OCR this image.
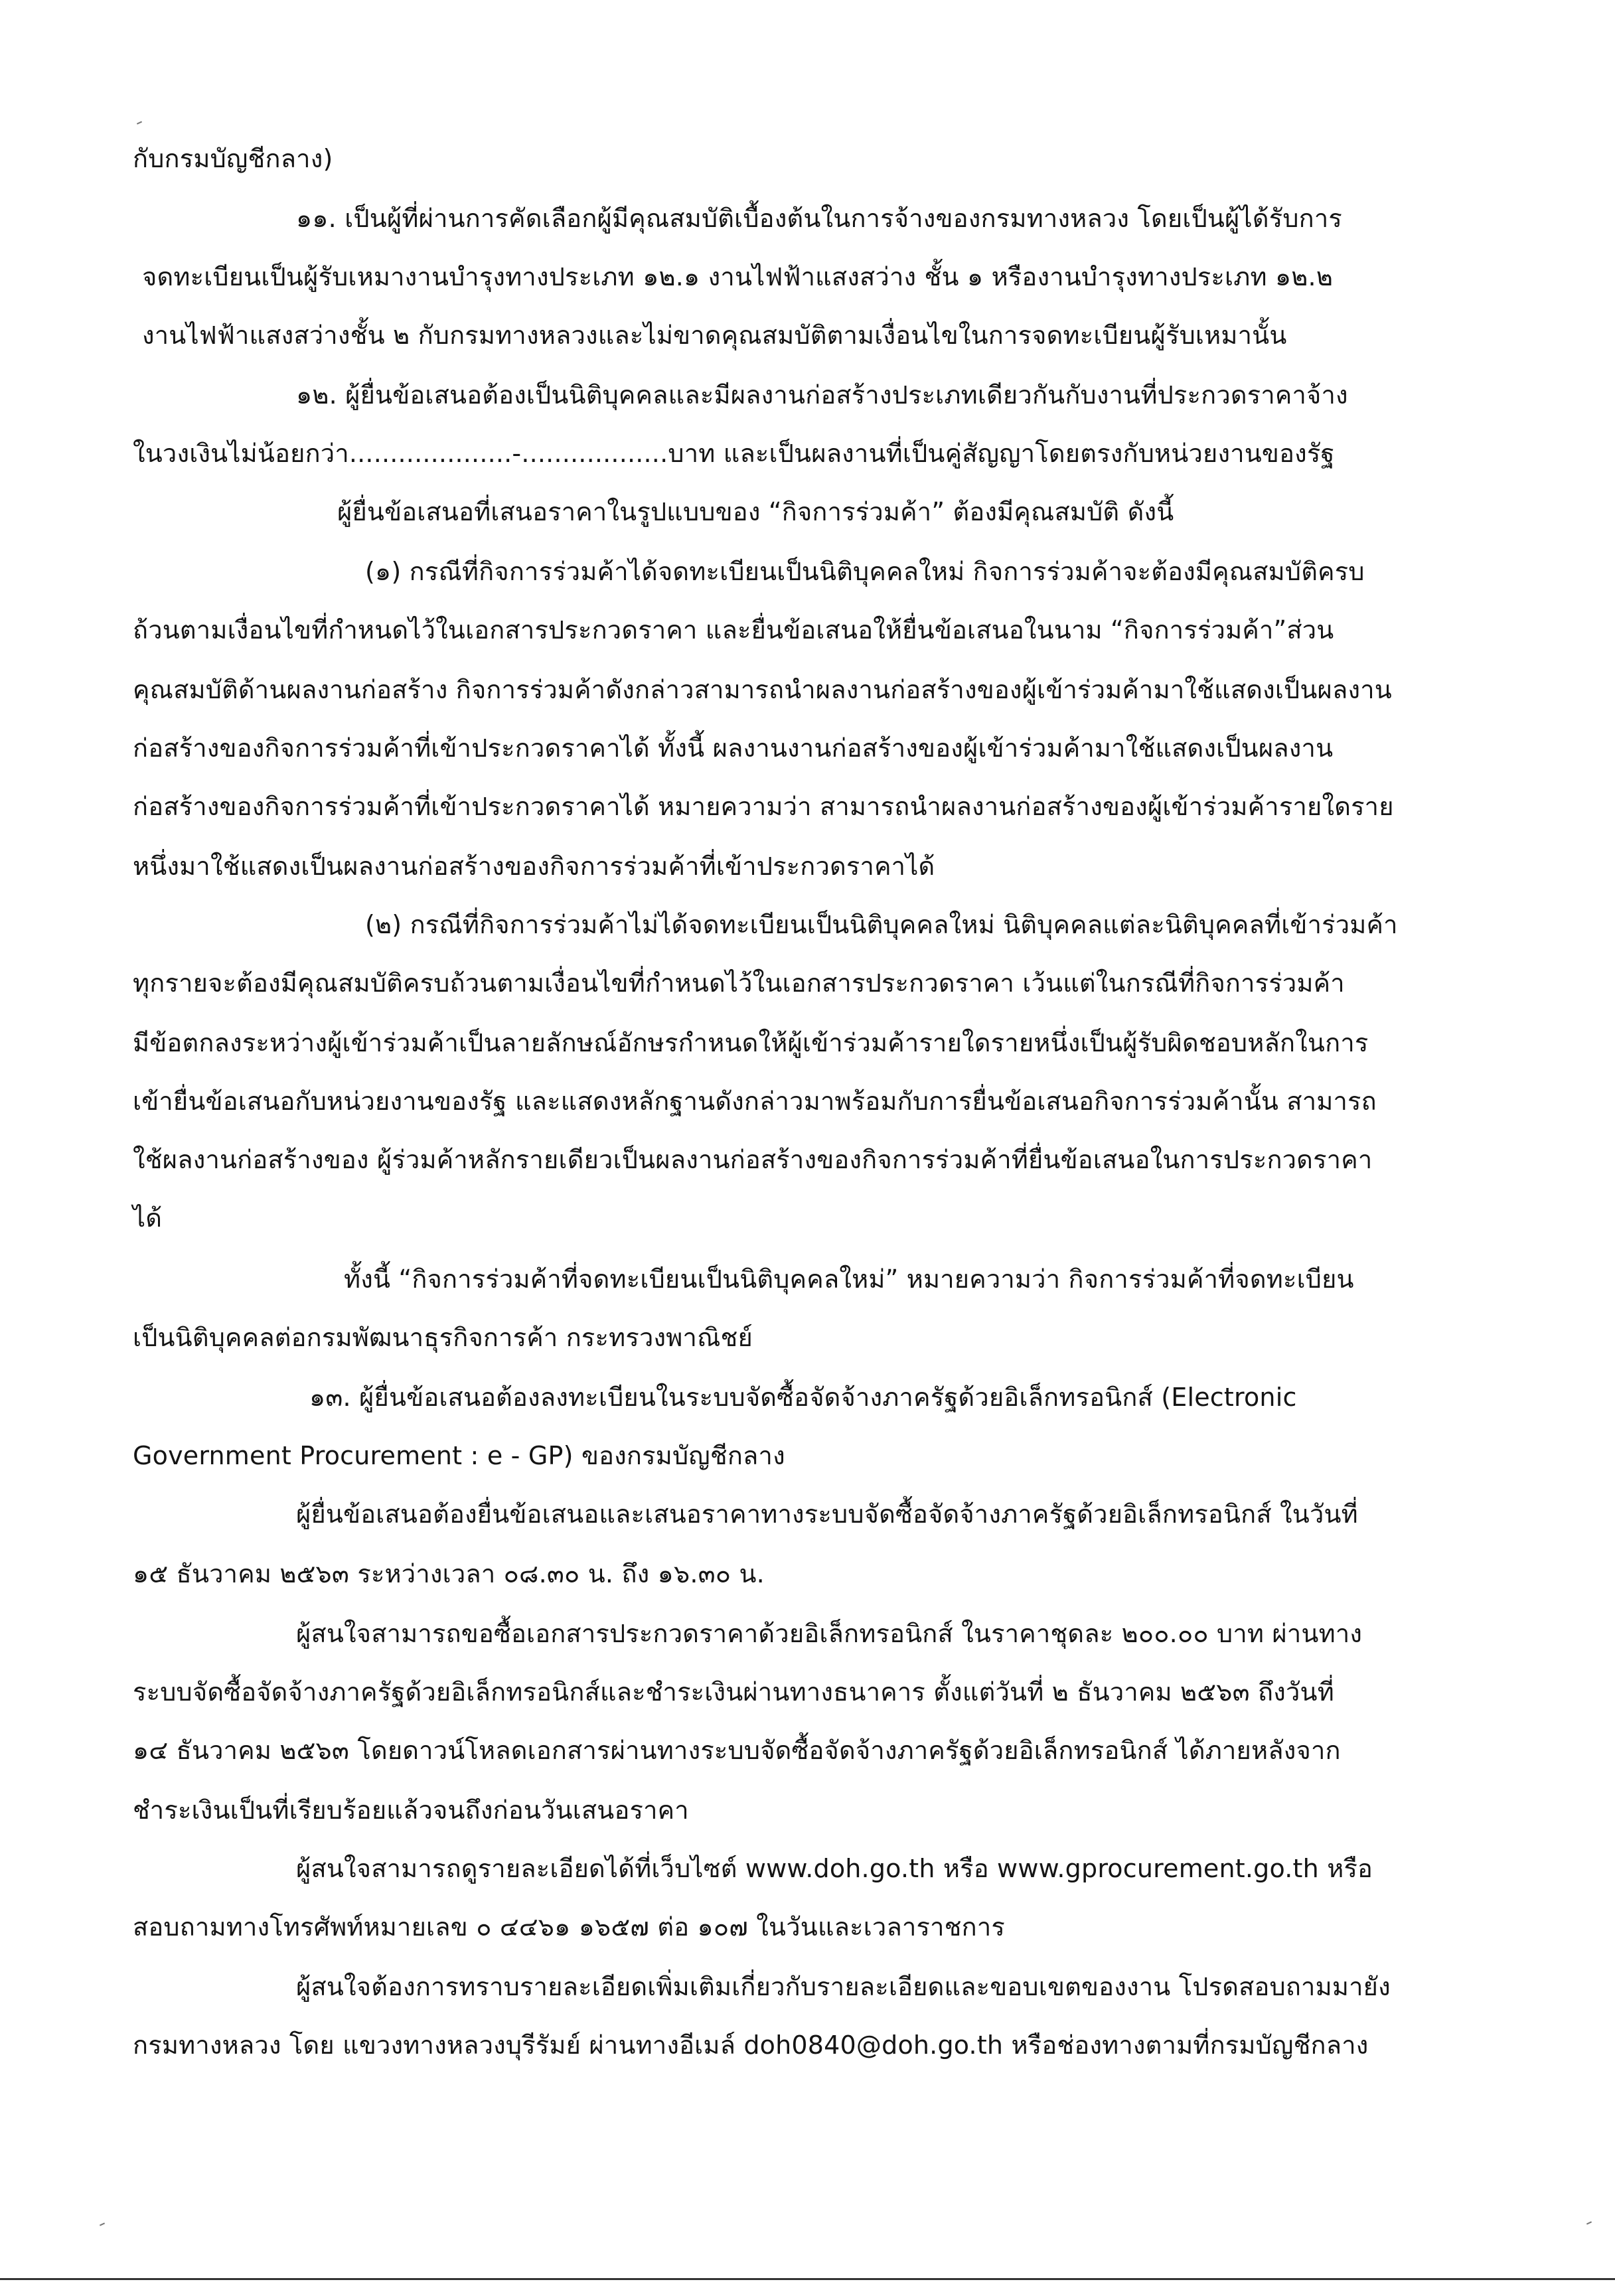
กับกรมบัญชีกลาง)
๑๑. เป็นผู้ที่ผ่านการคัดเลือกผู้มีคุณสมบัติเบื้องต้นในการจ้างของกรมทางหลวง โดยเป็นผู้ได้รับการ
จดทะเบียนเป็นผู้รับเหมางานบำรุงทางประเภท ๑๒.๑ งานไฟฟ้าแสงสว่าง ชั้น ๑ หรืองานบำรุงทางประเภท ๑๒.๒
งานไฟฟ้าแสงสว่างชั้น ๒ กับกรมทางหลวงและไม่ขาดคุณสมบัติตามเงื่อนไขในการจดทะเบียนผู้รับเหมานั้น
๑๒. ผู้ยื่นข้อเสนอต้องเป็นนิติบุคคลและมีผลงานก่อสร้างประเภทเดียวกันกับงานที่ประกวดราคาจ้าง
ในวงเงินไม่น้อยกว่า....................-..................บาท และเป็นผลงานที่เป็นคู่สัญญาโดยตรงกับหน่วยงานของรัฐ
ผู้ยื่นข้อเสนอที่เสนอราคาในรูปแบบของ “กิจการร่วมค้า” ต้องมีคุณสมบัติ ดังนี้
(๑) กรณีที่กิจการร่วมค้าได้จดทะเบียนเป็นนิติบุคคลใหม่ กิจการร่วมค้าจะต้องมีคุณสมบัติครบ
ถ้วนตามเงื่อนไขที่กำหนดไว้ในเอกสารประกวดราคา และยื่นข้อเสนอให้ยื่นข้อเสนอในนาม “กิจการร่วมค้า”ส่วน
คุณสมบัติด้านผลงานก่อสร้าง กิจการร่วมค้าดังกล่าวสามารถนำผลงานก่อสร้างของผู้เข้าร่วมค้ามาใช้แสดงเป็นผลงาน
ก่อสร้างของกิจการร่วมค้าที่เข้าประกวดราคาได้ ทั้งนี้ ผลงานงานก่อสร้างของผู้เข้าร่วมค้ามาใช้แสดงเป็นผลงาน
ก่อสร้างของกิจการร่วมค้าที่เข้าประกวดราคาได้ หมายความว่า สามารถนำผลงานก่อสร้างของผู้เข้าร่วมค้ารายใดราย
หนึ่งมาใช้แสดงเป็นผลงานก่อสร้างของกิจการร่วมค้าที่เข้าประกวดราคาได้
(๒) กรณีที่กิจการร่วมค้าไม่ได้จดทะเบียนเป็นนิติบุคคลใหม่ นิติบุคคลแต่ละนิติบุคคลที่เข้าร่วมค้า
ทุกรายจะต้องมีคุณสมบัติครบถ้วนตามเงื่อนไขที่กำหนดไว้ในเอกสารประกวดราคา เว้นแต่ในกรณีที่กิจการร่วมค้า
มีข้อตกลงระหว่างผู้เข้าร่วมค้าเป็นลายลักษณ์อักษรกำหนดให้ผู้เข้าร่วมค้ารายใดรายหนึ่งเป็นผู้รับผิดชอบหลักในการ
เข้ายื่นข้อเสนอกับหน่วยงานของรัฐ และแสดงหลักฐานดังกล่าวมาพร้อมกับการยื่นข้อเสนอกิจการร่วมค้านั้น สามารถ
ใช้ผลงานก่อสร้างของ ผู้ร่วมค้าหลักรายเดียวเป็นผลงานก่อสร้างของกิจการร่วมค้าที่ยื่นข้อเสนอในการประกวดราคา
ได้
ทั้งนี้ “กิจการร่วมค้าที่จดทะเบียนเป็นนิติบุคคลใหม่” หมายความว่า กิจการร่วมค้าที่จดทะเบียน
เป็นนิติบุคคลต่อกรมพัฒนาธุรกิจการค้า กระทรวงพาณิชย์
๑๓. ผู้ยื่นข้อเสนอต้องลงทะเบียนในระบบจัดซื้อจัดจ้างภาครัฐด้วยอิเล็กทรอนิกส์ (Electronic
Government Procurement : e - GP) ของกรมบัญชีกลาง
ผู้ยื่นข้อเสนอต้องยื่นข้อเสนอและเสนอราคาทางระบบจัดซื้อจัดจ้างภาครัฐด้วยอิเล็กทรอนิกส์ ในวันที่
๑๕ ธันวาคม ๒๕๖๓ ระหว่างเวลา ๐๘.๓๐ น. ถึง ๑๖.๓๐ น.
ผู้สนใจสามารถขอซื้อเอกสารประกวดราคาด้วยอิเล็กทรอนิกส์ ในราคาชุดละ ๒๐๐.๐๐ บาท ผ่านทาง
ระบบจัดซื้อจัดจ้างภาครัฐด้วยอิเล็กทรอนิกส์และชำระเงินผ่านทางธนาคาร ตั้งแต่วันที่ ๒ ธันวาคม ๒๕๖๓ ถึงวันที่
๑๔ ธันวาคม ๒๕๖๓ โดยดาวน์โหลดเอกสารผ่านทางระบบจัดซื้อจัดจ้างภาครัฐด้วยอิเล็กทรอนิกส์ ได้ภายหลังจาก
ชำระเงินเป็นที่เรียบร้อยแล้วจนถึงก่อนวันเสนอราคา
ผู้สนใจสามารถดูรายละเอียดได้ที่เว็บไซต์ www.doh.go.th หรือ www.gprocurement.go.th หรือ
สอบถามทางโทรศัพท์หมายเลข ๐ ๔๔๖๑ ๑๖๕๗ ต่อ ๑๐๗ ในวันและเวลาราชการ
ผู้สนใจต้องการทราบรายละเอียดเพิ่มเติมเกี่ยวกับรายละเอียดและขอบเขตของงาน โปรดสอบถามมายัง
กรมทางหลวง โดย แขวงทางหลวงบุรีรัมย์ ผ่านทางอีเมล์ doh0840@doh.go.th หรือช่องทางตามที่กรมบัญชีกลาง
